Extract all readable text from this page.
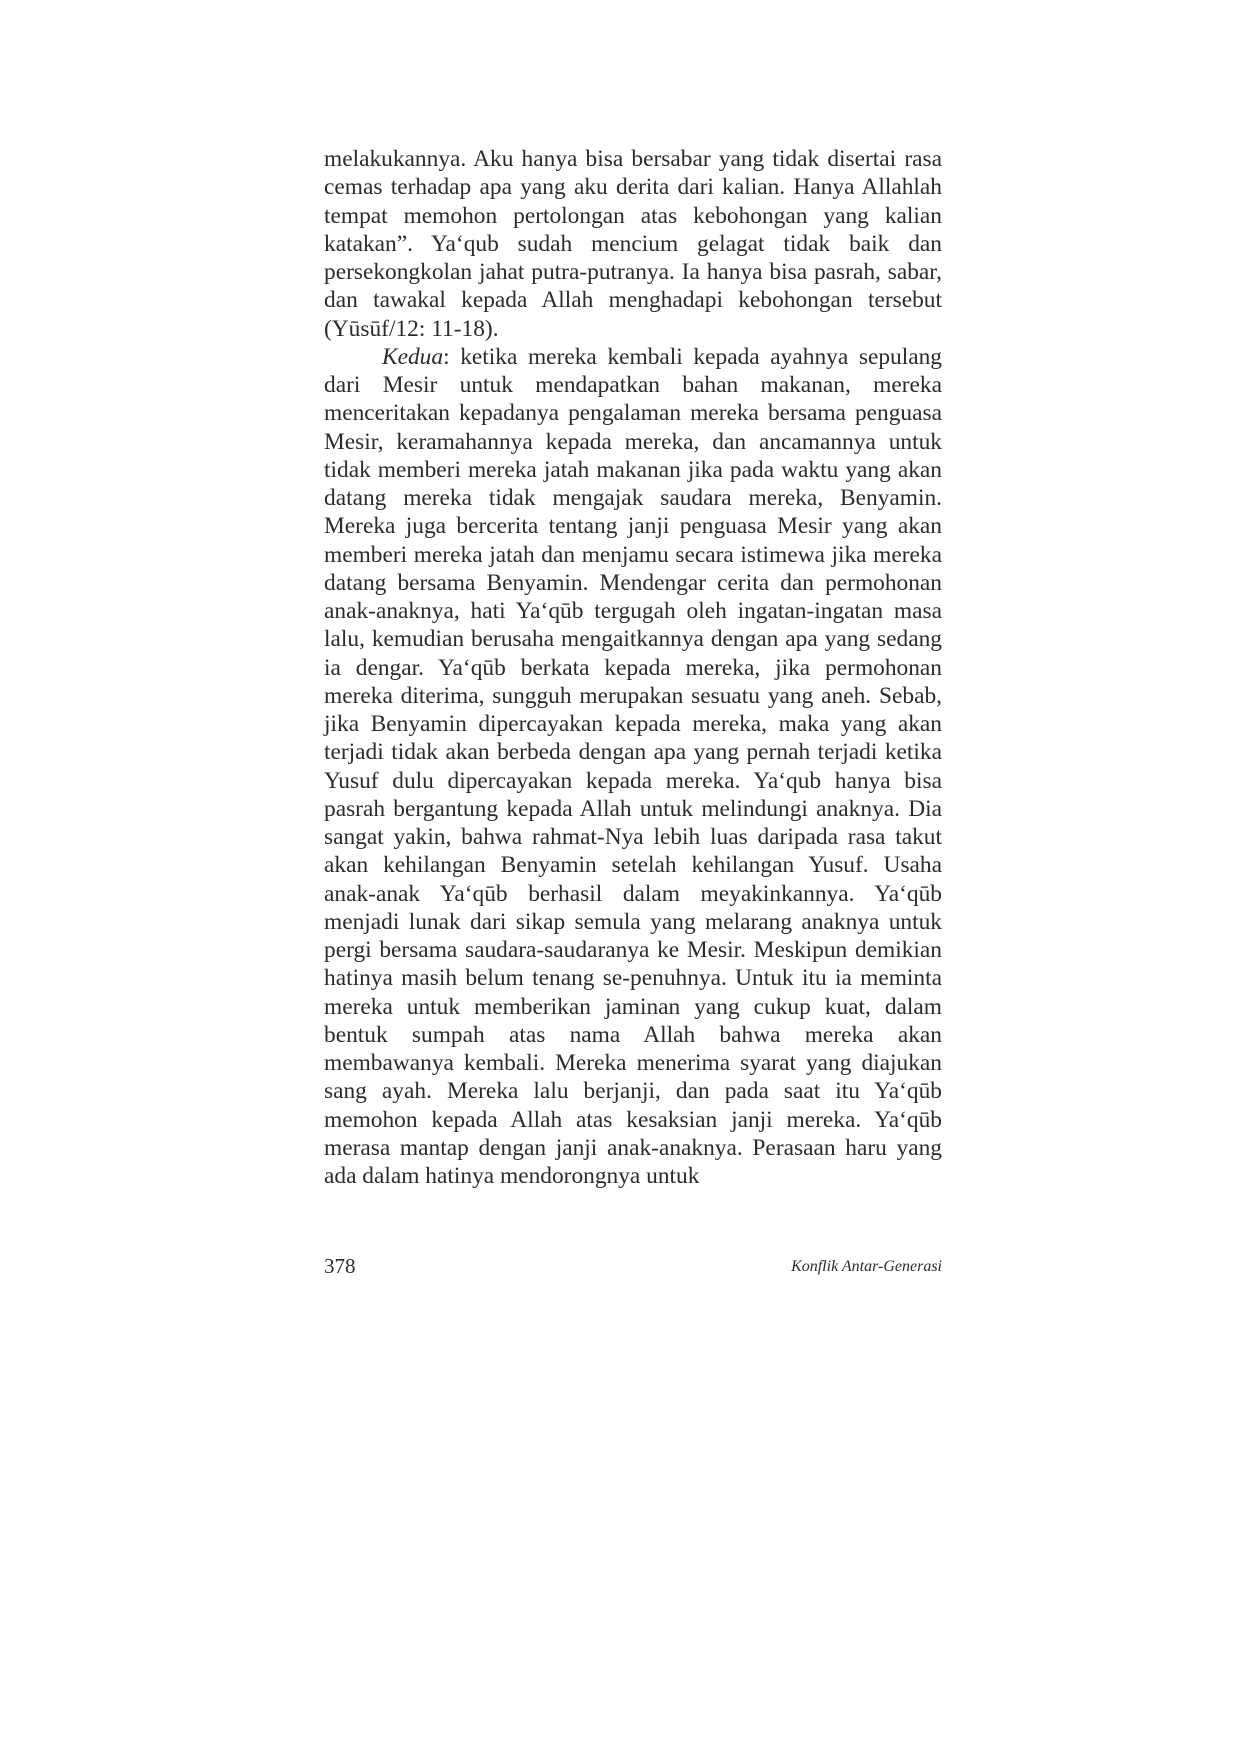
melakukannya. Aku hanya bisa bersabar yang tidak disertai rasa cemas terhadap apa yang aku derita dari kalian. Hanya Allahlah tempat memohon pertolongan atas kebohongan yang kalian katakan”. Ya‘qub sudah mencium gelagat tidak baik dan persekongkolan jahat putra-putranya. Ia hanya bisa pasrah, sabar, dan tawakal kepada Allah menghadapi kebohongan tersebut (Yūsūf/12: 11-18).

Kedua: ketika mereka kembali kepada ayahnya sepulang dari Mesir untuk mendapatkan bahan makanan, mereka menceritakan kepadanya pengalaman mereka bersama penguasa Mesir, keramahannya kepada mereka, dan ancamannya untuk tidak memberi mereka jatah makanan jika pada waktu yang akan datang mereka tidak mengajak saudara mereka, Benyamin. Mereka juga bercerita tentang janji penguasa Mesir yang akan memberi mereka jatah dan menjamu secara istimewa jika mereka datang bersama Benyamin. Mendengar cerita dan permohonan anak-anaknya, hati Ya‘qūb tergugah oleh ingatan-ingatan masa lalu, kemudian berusaha mengaitkannya dengan apa yang sedang ia dengar. Ya‘qūb berkata kepada mereka, jika permohonan mereka diterima, sungguh merupakan sesuatu yang aneh. Sebab, jika Benyamin dipercayakan kepada mereka, maka yang akan terjadi tidak akan berbeda dengan apa yang pernah terjadi ketika Yusuf dulu dipercayakan kepada mereka. Ya‘qub hanya bisa pasrah bergantung kepada Allah untuk melindungi anaknya. Dia sangat yakin, bahwa rahmat-Nya lebih luas daripada rasa takut akan kehilangan Benyamin setelah kehilangan Yusuf. Usaha anak-anak Ya‘qūb berhasil dalam meyakinkannya. Ya‘qūb menjadi lunak dari sikap semula yang melarang anaknya untuk pergi bersama saudara-saudaranya ke Mesir. Meskipun demikian hatinya masih belum tenang se-penuhnya. Untuk itu ia meminta mereka untuk memberikan jaminan yang cukup kuat, dalam bentuk sumpah atas nama Allah bahwa mereka akan membawanya kembali. Mereka menerima syarat yang diajukan sang ayah. Mereka lalu berjanji, dan pada saat itu Ya‘qūb memohon kepada Allah atas kesaksian janji mereka. Ya‘qūb merasa mantap dengan janji anak-anaknya. Perasaan haru yang ada dalam hatinya mendorongnya untuk

378	Konflik Antar-Generasi
